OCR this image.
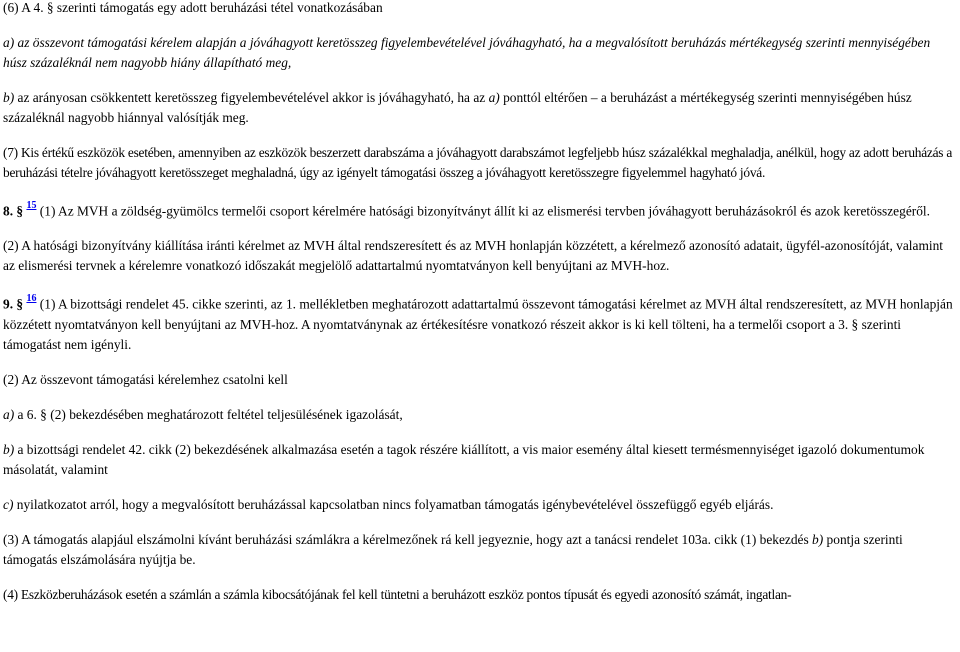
(6) A 4. § szerinti támogatás egy adott beruházási tétel vonatkozásában

a) az összevont támogatási kérelem alapján a jóváhagyott keretösszeg figyelembevételével jóváhagyható, ha a megvalósított beruházás mértékegység szerinti mennyiségében húsz százaléknál nem nagyobb hiány állapítható meg,

b) az arányosan csökkentett keretösszeg figyelembevételével akkor is jóváhagyható, ha az a) ponttól eltérően – a beruházást a mértékegység szerinti mennyiségében húsz százaléknál nagyobb hiánnyal valósítják meg.

(7) Kis értékű eszközök esetében, amennyiben az eszközök beszerzett darabszáma a jóváhagyott darabszámot legfeljebb húsz százalékkal meghaladja, anélkül, hogy az adott beruházás a beruházási tételre jóváhagyott keretösszeget meghaladná, úgy az igényelt támogatási összeg a jóváhagyott keretösszegre figyelemmel hagyható jóvá.

8. § $^{15}$ (1) Az MVH a zöldség-gyümölcs termelői csoport kérelmére hatósági bizonyítványt állít ki az elismerési tervben jóváhagyott beruházásokról és azok keretösszegéről.

(2) A hatósági bizonyítvány kiállítása iránti kérelmet az MVH által rendszeresített és az MVH honlapján közzétett, a kérelmező azonosító adatait, ügyfél-azonosítóját, valamint az elismerési tervnek a kérelemre vonatkozó időszakát megjelölő adattartalmú nyomtatványon kell benyújtani az MVH-hoz.

9. § $^{16}$ (1) A bizottsági rendelet 45. cikke szerinti, az 1. mellékletben meghatározott adattartalmú összevont támogatási kérelmet az MVH által rendszeresített, az MVH honlapján közzétett nyomtatványon kell benyújtani az MVH-hoz. A nyomtatványnak az értékesítésre vonatkozó részeit akkor is ki kell tölteni, ha a termelői csoport a 3. § szerinti támogatást nem igényli.

(2) Az összevont támogatási kérelemhez csatolni kell

a) a 6. § (2) bekezdésében meghatározott feltétel teljesülésének igazolását,

b) a bizottsági rendelet 42. cikk (2) bekezdésének alkalmazása esetén a tagok részére kiállított, a vis maior esemény által kiesett termésmennyiséget igazoló dokumentumok másolatát, valamint

c) nyilatkozatot arról, hogy a megvalósított beruházással kapcsolatban nincs folyamatban támogatás igénybevételével összefüggő egyéb eljárás.

(3) A támogatás alapjául elszámolni kívánt beruházási számlákra a kérelmezőnek rá kell jegyeznie, hogy azt a tanácsi rendelet 103a. cikk (1) bekezdés b) pontja szerinti támogatás elszámolására nyújtja be.

(4) Eszközberuházások esetén a számlán a számla kibocsátójának fel kell tüntetni a beruházott eszköz pontos típusát és egyedi azonosító számát, ingatlan-
